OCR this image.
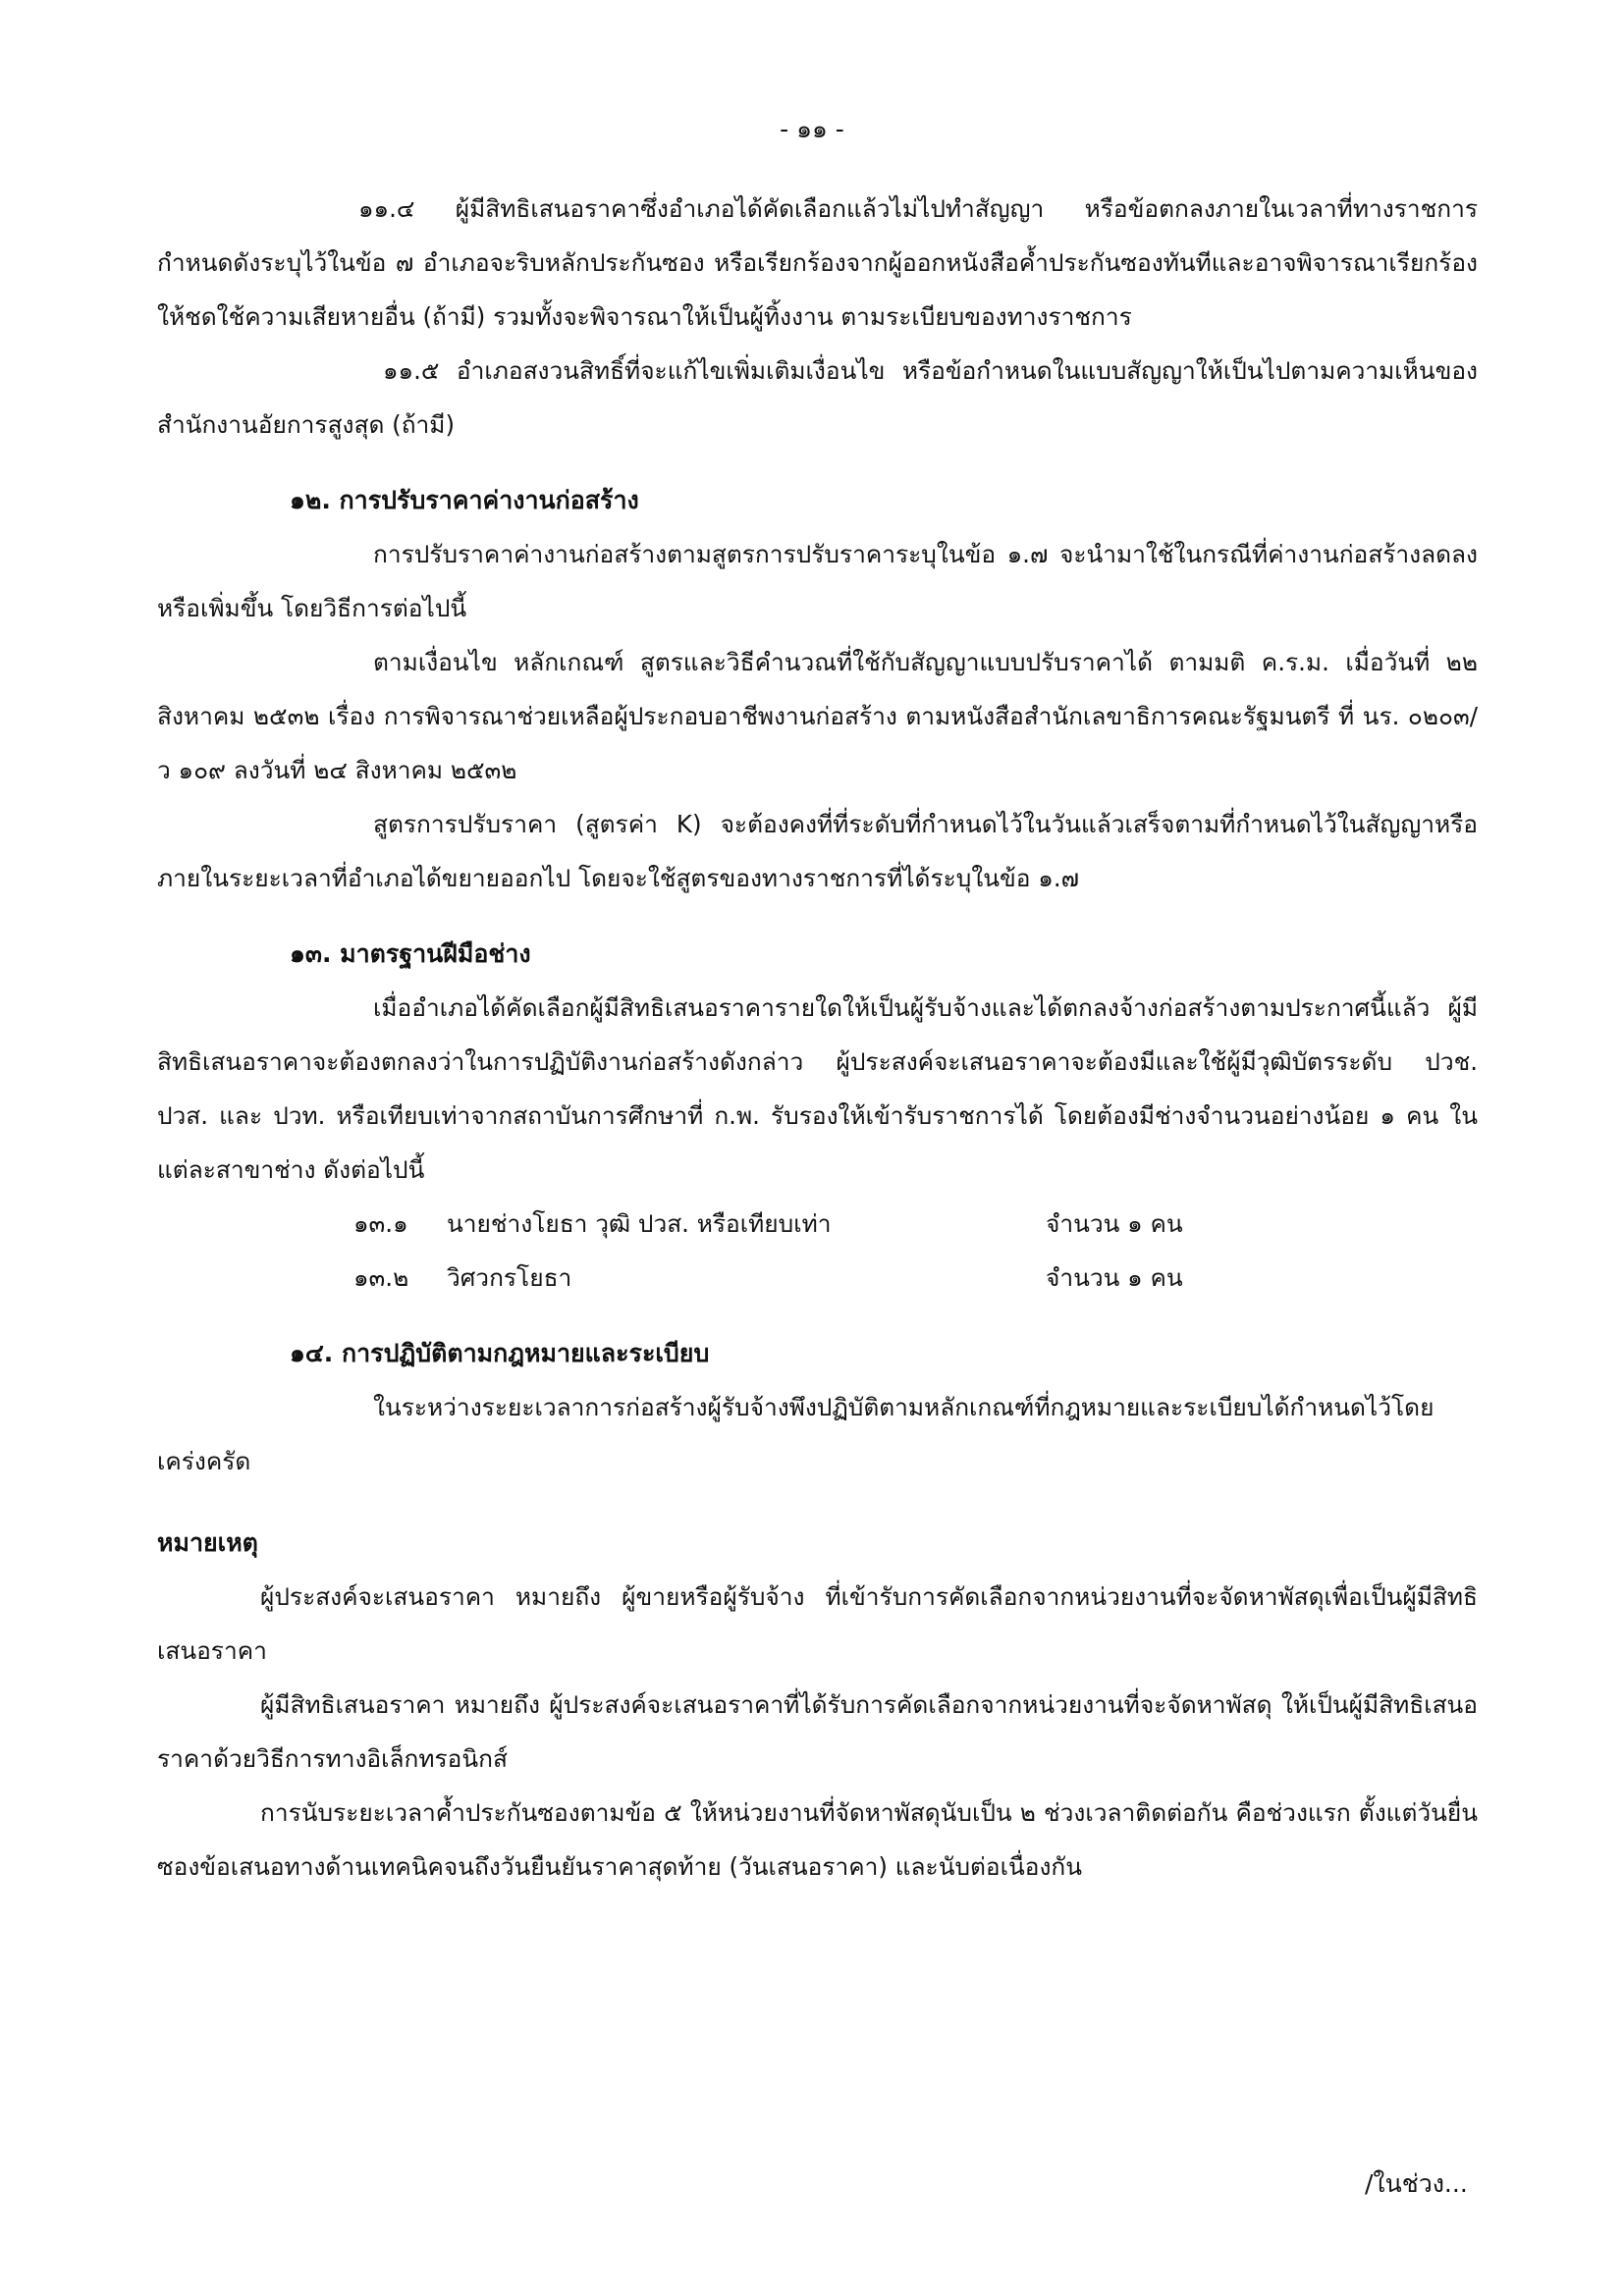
- ๑๑ -

๑๑.๔ ผู้มีสิทธิเสนอราคาซึ่งอำเภอได้คัดเลือกแล้วไม่ไปทำสัญญา หรือข้อตกลงภายในเวลาที่ทางราชการกำหนดดังระบุไว้ในข้อ ๗ อำเภอจะริบหลักประกันซอง หรือเรียกร้องจากผู้ออกหนังสือค้ำประกันซองทันทีและอาจพิจารณาเรียกร้องให้ชดใช้ความเสียหายอื่น (ถ้ามี) รวมทั้งจะพิจารณาให้เป็นผู้ทิ้งงาน ตามระเบียบของทางราชการ

๑๑.๕ อำเภอสงวนสิทธิ์ที่จะแก้ไขเพิ่มเติมเงื่อนไข หรือข้อกำหนดในแบบสัญญาให้เป็นไปตามความเห็นของสำนักงานอัยการสูงสุด (ถ้ามี)

๑๒. การปรับราคาค่างานก่อสร้าง

การปรับราคาค่างานก่อสร้างตามสูตรการปรับราคาระบุในข้อ ๑.๗ จะนำมาใช้ในกรณีที่ค่างานก่อสร้างลดลงหรือเพิ่มขึ้น โดยวิธีการต่อไปนี้

ตามเงื่อนไข หลักเกณฑ์ สูตรและวิธีคำนวณที่ใช้กับสัญญาแบบปรับราคาได้ ตามมติ ค.ร.ม. เมื่อวันที่ ๒๒ สิงหาคม ๒๕๓๒ เรื่อง การพิจารณาช่วยเหลือผู้ประกอบอาชีพงานก่อสร้าง ตามหนังสือสำนักเลขาธิการคณะรัฐมนตรี ที่ นร. ๐๒๐๓/ว ๑๐๙ ลงวันที่ ๒๔ สิงหาคม ๒๕๓๒

สูตรการปรับราคา (สูตรค่า K) จะต้องคงที่ที่ระดับที่กำหนดไว้ในวันแล้วเสร็จตามที่กำหนดไว้ในสัญญาหรือภายในระยะเวลาที่อำเภอได้ขยายออกไป โดยจะใช้สูตรของทางราชการที่ได้ระบุในข้อ ๑.๗

๑๓. มาตรฐานฝีมือช่าง

เมื่ออำเภอได้คัดเลือกผู้มีสิทธิเสนอราคารายใดให้เป็นผู้รับจ้างและได้ตกลงจ้างก่อสร้างตามประกาศนี้แล้ว ผู้มีสิทธิเสนอราคาจะต้องตกลงว่าในการปฏิบัติงานก่อสร้างดังกล่าว ผู้ประสงค์จะเสนอราคาจะต้องมีและใช้ผู้มีวุฒิบัตรระดับ ปวช. ปวส. และ ปวท. หรือเทียบเท่าจากสถาบันการศึกษาที่ ก.พ. รับรองให้เข้ารับราชการได้ โดยต้องมีช่างจำนวนอย่างน้อย ๑ คน ในแต่ละสาขาช่าง ดังต่อไปนี้

๑๓.๑	นายช่างโยธา วุฒิ ปวส. หรือเทียบเท่า	จำนวน ๑ คน
๑๓.๒	วิศวกรโยธา	จำนวน ๑ คน
๑๔. การปฏิบัติตามกฎหมายและระเบียบ

ในระหว่างระยะเวลาการก่อสร้างผู้รับจ้างพึงปฏิบัติตามหลักเกณฑ์ที่กฎหมายและระเบียบได้กำหนดไว้โดยเคร่งครัด

หมายเหตุ

ผู้ประสงค์จะเสนอราคา หมายถึง ผู้ขายหรือผู้รับจ้าง ที่เข้ารับการคัดเลือกจากหน่วยงานที่จะจัดหาพัสดุเพื่อเป็นผู้มีสิทธิเสนอราคา

ผู้มีสิทธิเสนอราคา หมายถึง ผู้ประสงค์จะเสนอราคาที่ได้รับการคัดเลือกจากหน่วยงานที่จะจัดหาพัสดุ ให้เป็นผู้มีสิทธิเสนอราคาด้วยวิธีการทางอิเล็กทรอนิกส์

การนับระยะเวลาค้ำประกันซองตามข้อ ๕ ให้หน่วยงานที่จัดหาพัสดุนับเป็น ๒ ช่วงเวลาติดต่อกัน คือช่วงแรก ตั้งแต่วันยื่นซองข้อเสนอทางด้านเทคนิคจนถึงวันยืนยันราคาสุดท้าย (วันเสนอราคา) และนับต่อเนื่องกัน

/ในช่วง...
